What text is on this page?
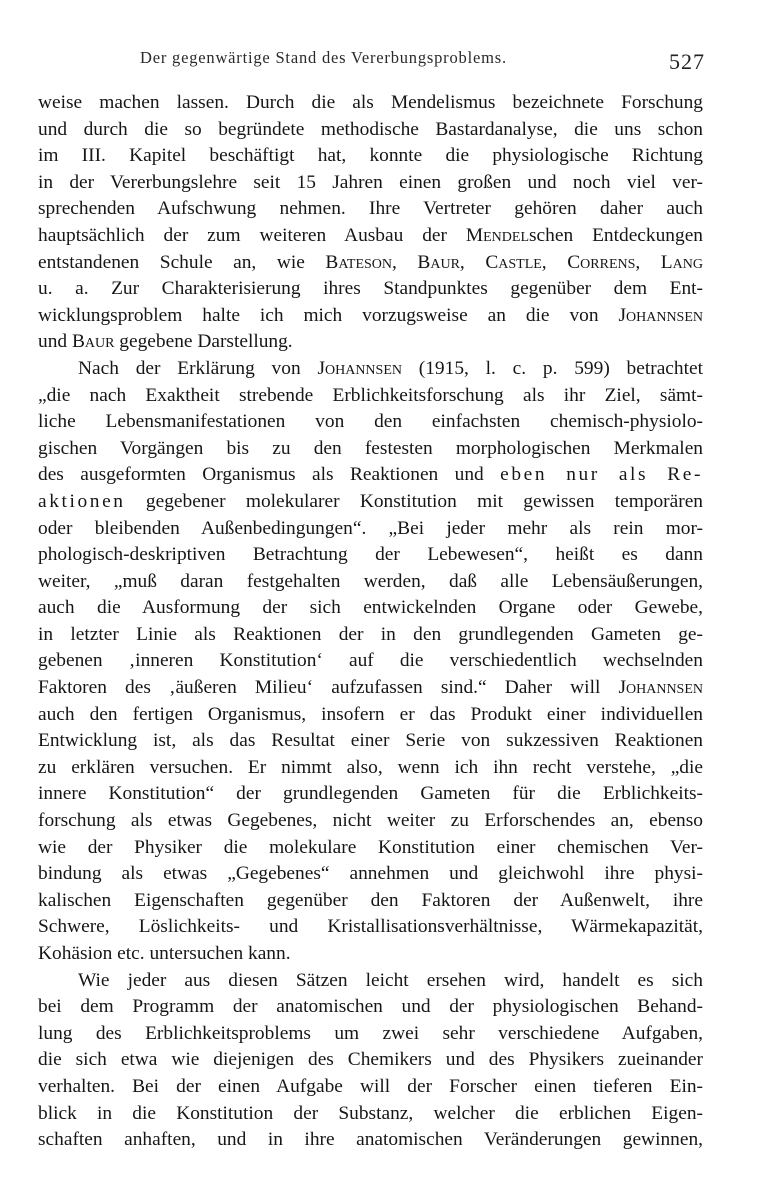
Der gegenwärtige Stand des Vererbungsproblems.	527
weise machen lassen. Durch die als Mendelismus bezeichnete Forschung
und durch die so begründete methodische Bastardanalyse, die uns schon
im III. Kapitel beschäftigt hat, konnte die physiologische Richtung
in der Vererbungslehre seit 15 Jahren einen großen und noch viel ver-
sprechenden Aufschwung nehmen. Ihre Vertreter gehören daher auch
hauptsächlich der zum weiteren Ausbau der Mendelschen Entdeckungen
entstandenen Schule an, wie Bateson, Baur, Castle, Correns, Lang
u. a. Zur Charakterisierung ihres Standpunktes gegenüber dem Ent-
wicklungsproblem halte ich mich vorzugsweise an die von Johannsen
und Baur gegebene Darstellung.
Nach der Erklärung von Johannsen (1915, l. c. p. 599) betrachtet
„die nach Exaktheit strebende Erblichkeitsforschung als ihr Ziel, sämt-
liche Lebensmanifestationen von den einfachsten chemisch-physiolo-
gischen Vorgängen bis zu den festesten morphologischen Merkmalen
des ausgeformten Organismus als Reaktionen und eben nur als Re-
aktionen gegebener molekularer Konstitution mit gewissen temporären
oder bleibenden Außenbedingungen“. „Bei jeder mehr als rein mor-
phologisch-deskriptiven Betrachtung der Lebewesen“, heißt es dann
weiter, „muß daran festgehalten werden, daß alle Lebensäußerungen,
auch die Ausformung der sich entwickelnden Organe oder Gewebe,
in letzter Linie als Reaktionen der in den grundlegenden Gameten ge-
gebenen ‚inneren Konstitution‘ auf die verschiedentlich wechselnden
Faktoren des ‚äußeren Milieu‘ aufzufassen sind.“ Daher will Johannsen
auch den fertigen Organismus, insofern er das Produkt einer individuellen
Entwicklung ist, als das Resultat einer Serie von sukzessiven Reaktionen
zu erklären versuchen. Er nimmt also, wenn ich ihn recht verstehe, „die
innere Konstitution“ der grundlegenden Gameten für die Erblichkeits-
forschung als etwas Gegebenes, nicht weiter zu Erforschendes an, ebenso
wie der Physiker die molekulare Konstitution einer chemischen Ver-
bindung als etwas „Gegebenes“ annehmen und gleichwohl ihre physi-
kalischen Eigenschaften gegenüber den Faktoren der Außenwelt, ihre
Schwere, Löslichkeits- und Kristallisationsverhältnisse, Wärmekapazität,
Kohäsion etc. untersuchen kann.
Wie jeder aus diesen Sätzen leicht ersehen wird, handelt es sich
bei dem Programm der anatomischen und der physiologischen Behand-
lung des Erblichkeitsproblems um zwei sehr verschiedene Aufgaben,
die sich etwa wie diejenigen des Chemikers und des Physikers zueinander
verhalten. Bei der einen Aufgabe will der Forscher einen tieferen Ein-
blick in die Konstitution der Substanz, welcher die erblichen Eigen-
schaften anhaften, und in ihre anatomischen Veränderungen gewinnen,
